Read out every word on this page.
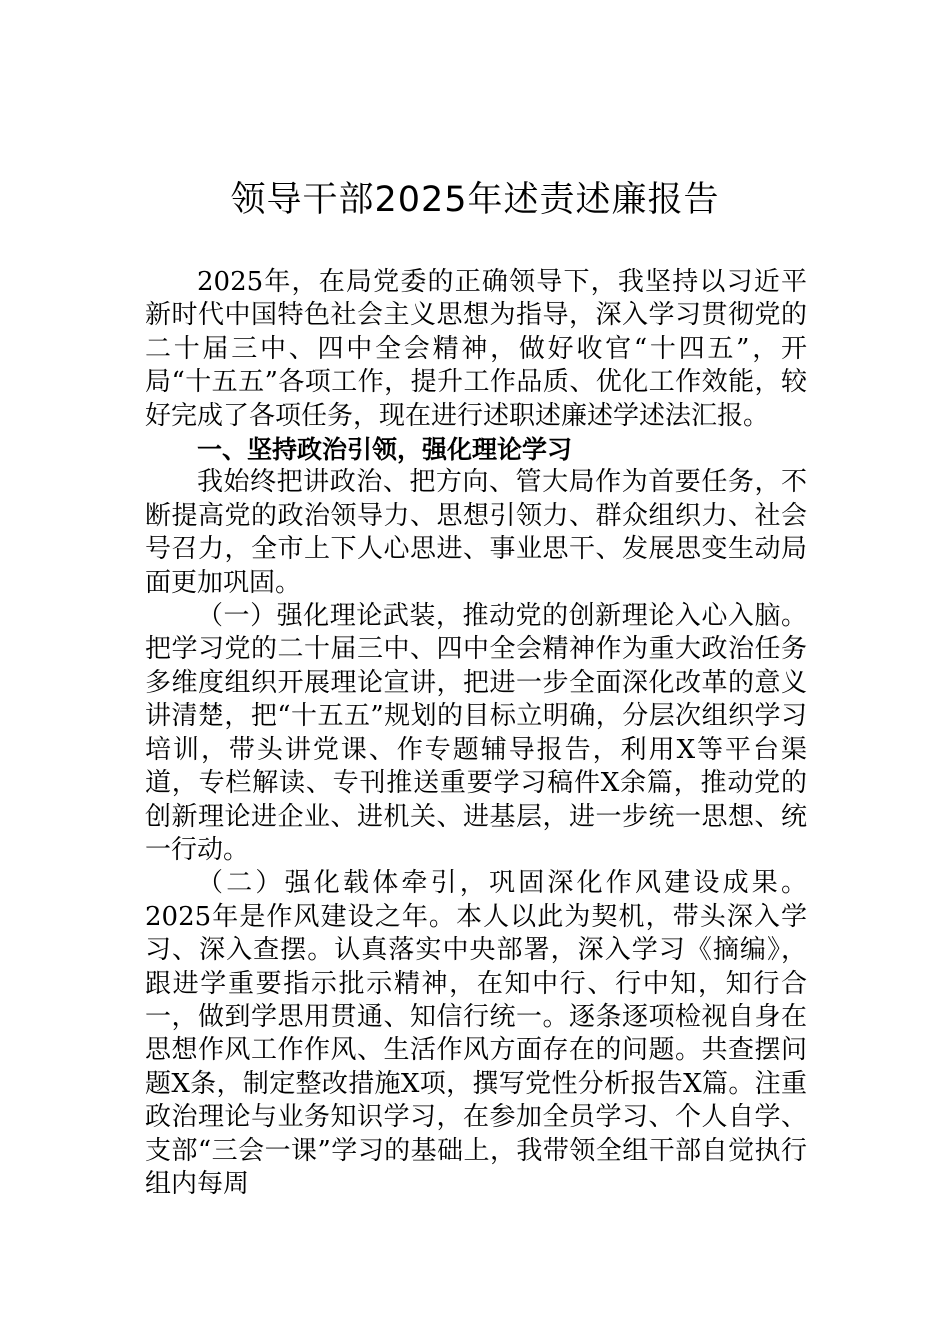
领导干部2025年述责述廉报告

2025年，在局党委的正确领导下，我坚持以习近平新时代中国特色社会主义思想为指导，深入学习贯彻党的二十届三中、四中全会精神，做好收官“十四五”，开局“十五五”各项工作，提升工作品质、优化工作效能，较好完成了各项任务，现在进行述职述廉述学述法汇报。

一、坚持政治引领，强化理论学习

我始终把讲政治、把方向、管大局作为首要任务，不断提高党的政治领导力、思想引领力、群众组织力、社会号召力，全市上下人心思进、事业思干、发展思变生动局面更加巩固。

（一）强化理论武装，推动党的创新理论入心入脑。把学习党的二十届三中、四中全会精神作为重大政治任务多维度组织开展理论宣讲，把进一步全面深化改革的意义讲清楚，把“十五五”规划的目标立明确，分层次组织学习培训，带头讲党课、作专题辅导报告，利用X等平台渠道，专栏解读、专刊推送重要学习稿件X余篇，推动党的创新理论进企业、进机关、进基层，进一步统一思想、统一行动。

（二）强化载体牵引，巩固深化作风建设成果。2025年是作风建设之年。本人以此为契机，带头深入学习、深入查摆。认真落实中央部署，深入学习《摘编》，跟进学重要指示批示精神，在知中行、行中知，知行合一，做到学思用贯通、知信行统一。逐条逐项检视自身在思想作风工作作风、生活作风方面存在的问题。共查摆问题X条，制定整改措施X项，撰写党性分析报告X篇。注重政治理论与业务知识学习，在参加全员学习、个人自学、支部“三会一课”学习的基础上，我带领全组干部自觉执行组内每周
